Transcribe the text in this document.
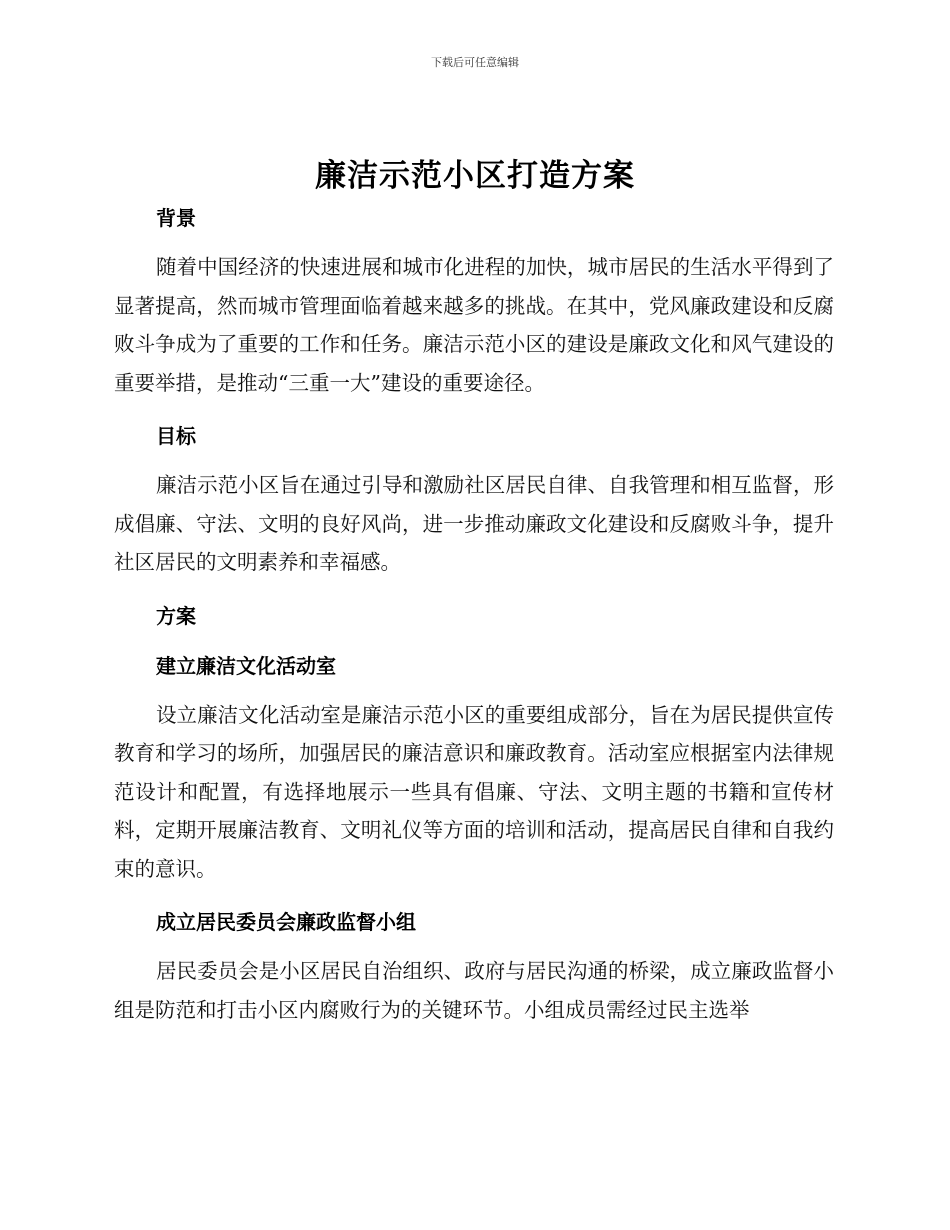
下载后可任意编辑
廉洁示范小区打造方案
背景

随着中国经济的快速进展和城市化进程的加快，城市居民的生活水平得到了显著提高，然而城市管理面临着越来越多的挑战。在其中，党风廉政建设和反腐败斗争成为了重要的工作和任务。廉洁示范小区的建设是廉政文化和风气建设的重要举措，是推动“三重一大”建设的重要途径。

目标

廉洁示范小区旨在通过引导和激励社区居民自律、自我管理和相互监督，形成倡廉、守法、文明的良好风尚，进一步推动廉政文化建设和反腐败斗争，提升社区居民的文明素养和幸福感。

方案
建立廉洁文化活动室

设立廉洁文化活动室是廉洁示范小区的重要组成部分，旨在为居民提供宣传教育和学习的场所，加强居民的廉洁意识和廉政教育。活动室应根据室内法律规范设计和配置，有选择地展示一些具有倡廉、守法、文明主题的书籍和宣传材料，定期开展廉洁教育、文明礼仪等方面的培训和活动，提高居民自律和自我约束的意识。

成立居民委员会廉政监督小组

居民委员会是小区居民自治组织、政府与居民沟通的桥梁，成立廉政监督小组是防范和打击小区内腐败行为的关键环节。小组成员需经过民主选举
